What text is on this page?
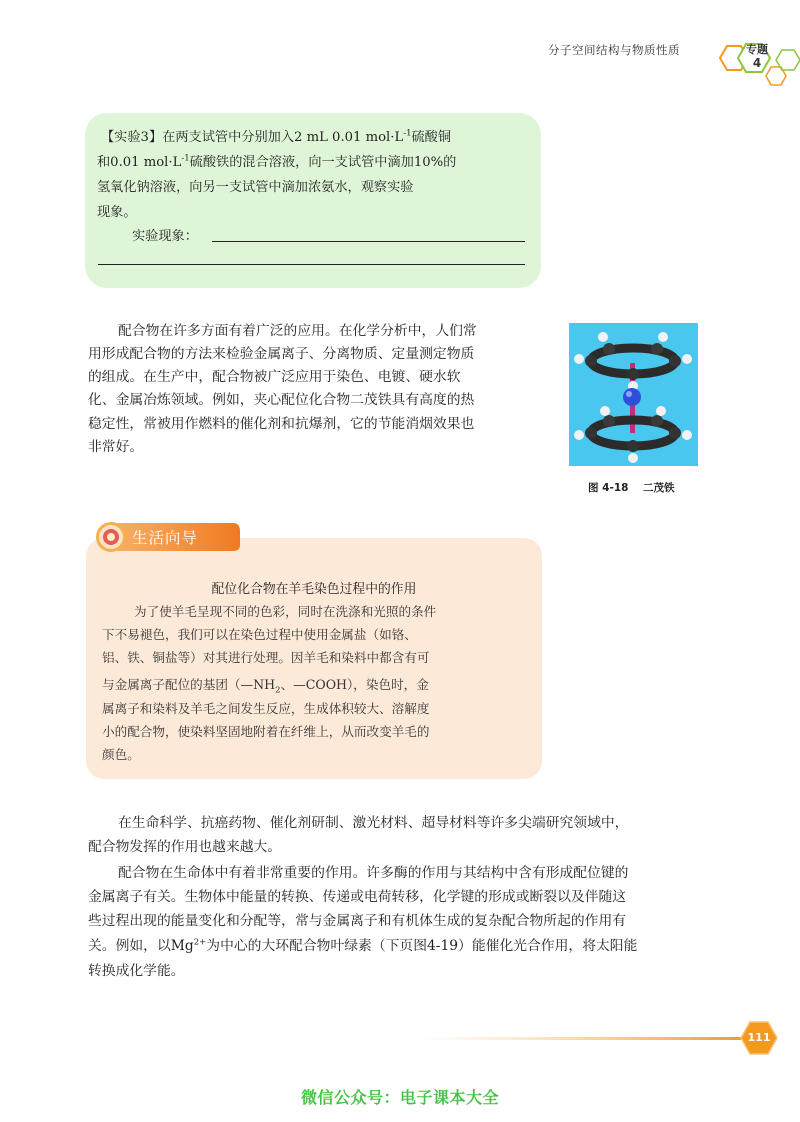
分子空间结构与物质性质	专题
4
【实验3】在两支试管中分别加入2 mL 0.01 $mol\cdot L^{-1}$硫酸铜
和0.01 $mol\cdot L^{-1}$硫酸铁的混合溶液，向一支试管中滴加10%的
氢氧化钠溶液，向另一支试管中滴加浓氨水，观察实验
现象。
实验现象：
配合物在许多方面有着广泛的应用。在化学分析中，人们常
用形成配合物的方法来检验金属离子、分离物质、定量测定物质
的组成。在生产中，配合物被广泛应用于染色、电镀、硬水软
化、金属冶炼领域。例如，夹心配位化合物二茂铁具有高度的热
稳定性，常被用作燃料的催化剂和抗爆剂，它的节能消烟效果也
非常好。
图 4-18    二茂铁
生活向导
配位化合物在羊毛染色过程中的作用
为了使羊毛呈现不同的色彩，同时在洗涤和光照的条件
下不易褪色，我们可以在染色过程中使用金属盐（如铬、
铝、铁、铜盐等）对其进行处理。因羊毛和染料中都含有可
与金属离子配位的基团（$—NH_2$、—COOH），染色时，金
属离子和染料及羊毛之间发生反应，生成体积较大、溶解度
小的配合物，使染料坚固地附着在纤维上，从而改变羊毛的
颜色。
在生命科学、抗癌药物、催化剂研制、激光材料、超导材料等许多尖端研究领域中，
配合物发挥的作用也越来越大。
配合物在生命体中有着非常重要的作用。许多酶的作用与其结构中含有形成配位键的
金属离子有关。生物体中能量的转换、传递或电荷转移，化学键的形成或断裂以及伴随这
些过程出现的能量变化和分配等，常与金属离子和有机体生成的复杂配合物所起的作用有
关。例如，以$Mg^{2+}$为中心的大环配合物叶绿素（下页图4-19）能催化光合作用，将太阳能
转换成化学能。
111
微信公众号：电子课本大全
